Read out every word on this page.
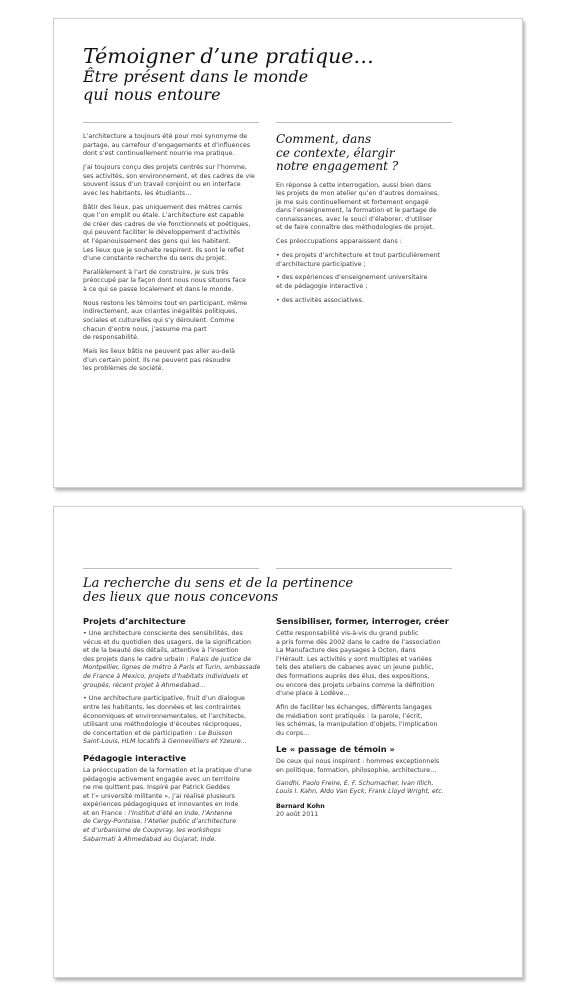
Témoigner d’une pratique…
Être présent dans le monde
qui nous entoure

L’architecture a toujours été pour moi synonyme de
partage, au carrefour d’engagements et d’influences
dont s’est continuellement nourrie ma pratique.

J’ai toujours conçu des projets centrés sur l’homme,
ses activités, son environnement, et des cadres de vie
souvent issus d’un travail conjoint ou en interface
avec les habitants, les étudiants…

Bâtir des lieux, pas uniquement des mètres carrés
que l’on emplit ou étale. L’architecture est capable
de créer des cadres de vie fonctionnels et poétiques,
qui peuvent faciliter le développement d’activités
et l’épanouissement des gens qui les habitent.
Les lieux que je souhaite respirent. Ils sont le reflet
d’une constante recherche du sens du projet.

Parallèlement à l’art de construire, je suis très
préoccupé par la façon dont nous nous situons face
à ce qui se passe localement et dans le monde.

Nous restons les témoins tout en participant, même
indirectement, aux criantes inégalités politiques,
sociales et culturelles qui s’y déroulent. Comme
chacun d’entre nous, j’assume ma part
de responsabilité.

Mais les lieux bâtis ne peuvent pas aller au-delà
d’un certain point. Ils ne peuvent pas résoudre
les problèmes de société.

Comment, dans
ce contexte, élargir
notre engagement ?

En réponse à cette interrogation, aussi bien dans
les projets de mon atelier qu’en d’autres domaines,
je me suis continuellement et fortement engagé
dans l’enseignement, la formation et le partage de
connaissances, avec le souci d’élaborer, d’utiliser
et de faire connaître des méthodologies de projet.

Ces préoccupations apparaissent dans :

• des projets d’architecture et tout particulièrement
d’architecture participative ;

• des expériences d’enseignement universitaire
et de pédagogie interactive ;

• des activités associatives.

La recherche du sens et de la pertinence
des lieux que nous concevons
Projets d’architecture

• Une architecture consciente des sensibilités, des
vécus et du quotidien des usagers, de la signification
et de la beauté des détails, attentive à l’insertion
des projets dans le cadre urbain : Palais de justice de
Montpellier, lignes de métro à Paris et Turin, ambassade
de France à Mexico, projets d’habitats individuels et
groupés, récent projet à Ahmedabad…

• Une architecture participative, fruit d’un dialogue
entre les habitants, les données et les contraintes
économiques et environnementales, et l’architecte,
utilisant une méthodologie d’écoutes réciproques,
de concertation et de participation : Le Buisson
Saint-Louis, HLM locatifs à Gennevilliers et Yzeure…

Pédagogie interactive

La préoccupation de la formation et la pratique d’une
pédagogie activement engagée avec un territoire
ne me quittent pas. Inspiré par Patrick Geddes
et l’« université militante », j’ai réalisé plusieurs
expériences pédagogiques et innovantes en Inde
et en France : l’Institut d’été en Inde, l’Antenne
de Cergy-Pontoise, l’Atelier public d’architecture
et d’urbanisme de Coupvray, les workshops
Sabarmati à Ahmedabad au Gujarat, Inde.

Sensibiliser, former, interroger, créer

Cette responsabilité vis-à-vis du grand public
a pris forme dès 2002 dans le cadre de l’association
La Manufacture des paysages à Octon, dans
l’Hérault. Les activités y sont multiples et variées
tels des ateliers de cabanes avec un jeune public,
des formations auprès des élus, des expositions,
ou encore des projets urbains comme la définition
d’une place à Lodève…

Afin de faciliter les échanges, différents langages
de médiation sont pratiqués : la parole, l’écrit,
les schémas, la manipulation d’objets, l’implication
du corps…

Le « passage de témoin »

De ceux qui nous inspirent : hommes exceptionnels
en politique, formation, philosophie, architecture…

Gandhi, Paolo Freire, E. F. Schumacher, Ivan Illich,
Louis I. Kahn, Aldo Van Eyck, Frank Lloyd Wright, etc.

Bernard Kohn
20 août 2011
